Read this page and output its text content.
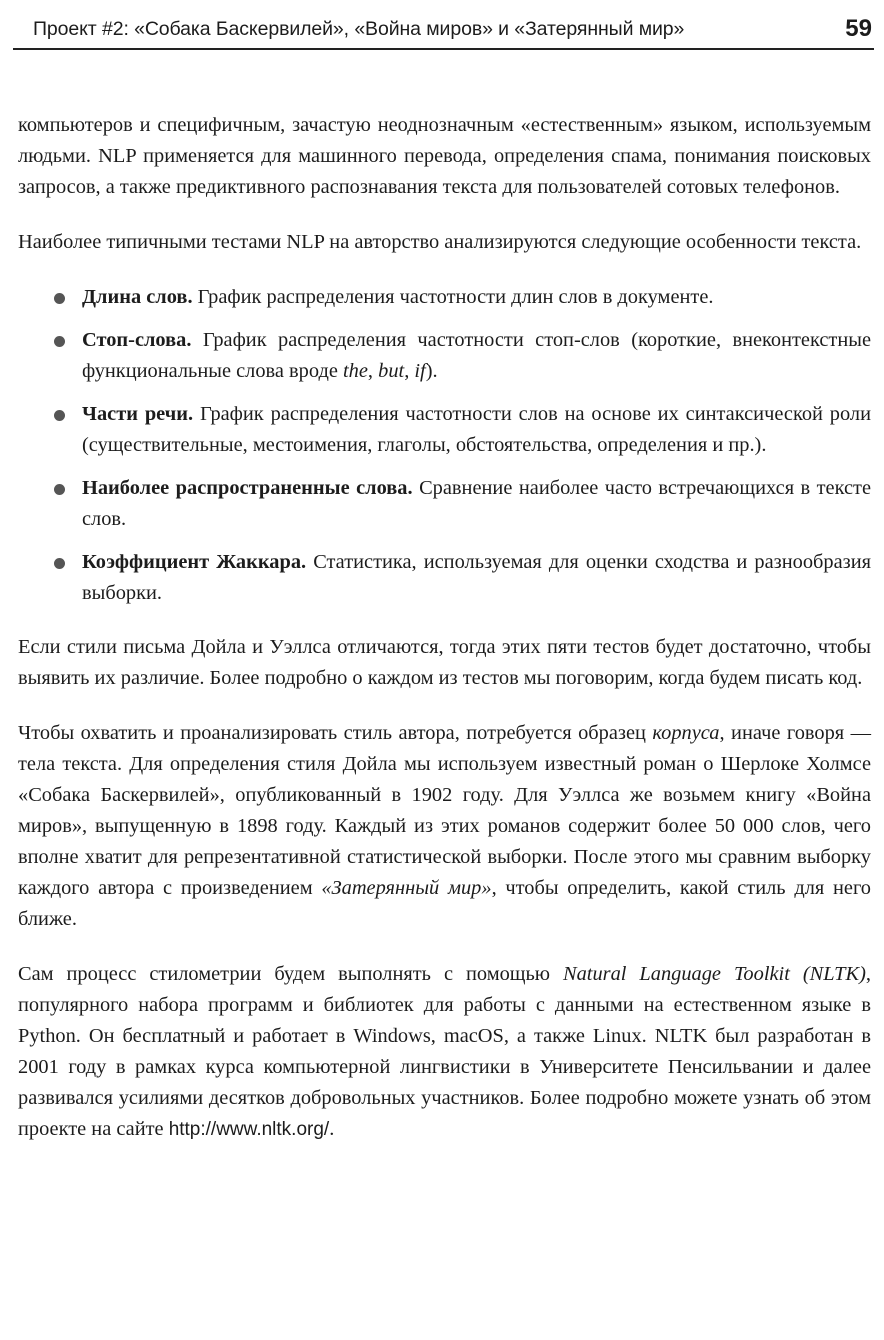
Проект #2: «Собака Баскервилей», «Война миров» и «Затерянный мир»	59

компьютеров и специфичным, зачастую неоднозначным «естественным» языком, используемым людьми. NLP применяется для машинного перевода, определения спама, понимания поисковых запросов, а также предиктивного распознавания текста для пользователей сотовых телефонов.

Наиболее типичными тестами NLP на авторство анализируются следующие особенности текста.

Длина слов. График распределения частотности длин слов в документе.
Стоп-слова. График распределения частотности стоп-слов (короткие, внеконтекстные функциональные слова вроде the, but, if).
Части речи. График распределения частотности слов на основе их синтаксической роли (существительные, местоимения, глаголы, обстоятельства, определения и пр.).
Наиболее распространенные слова. Сравнение наиболее часто встречающихся в тексте слов.
Коэффициент Жаккара. Статистика, используемая для оценки сходства и разнообразия выборки.

Если стили письма Дойла и Уэллса отличаются, тогда этих пяти тестов будет достаточно, чтобы выявить их различие. Более подробно о каждом из тестов мы поговорим, когда будем писать код.

Чтобы охватить и проанализировать стиль автора, потребуется образец корпуса, иначе говоря — тела текста. Для определения стиля Дойла мы используем известный роман о Шерлоке Холмсе «Собака Баскервилей», опубликованный в 1902 году. Для Уэллса же возьмем книгу «Война миров», выпущенную в 1898 году. Каждый из этих романов содержит более 50 000 слов, чего вполне хватит для репрезентативной статистической выборки. После этого мы сравним выборку каждого автора с произведением «Затерянный мир», чтобы определить, какой стиль для него ближе.

Сам процесс стилометрии будем выполнять с помощью Natural Language Toolkit (NLTK), популярного набора программ и библиотек для работы с данными на естественном языке в Python. Он бесплатный и работает в Windows, macOS, а также Linux. NLTK был разработан в 2001 году в рамках курса компьютерной лингвистики в Университете Пенсильвании и далее развивался усилиями десятков добровольных участников. Более подробно можете узнать об этом проекте на сайте http://www.nltk.org/.
